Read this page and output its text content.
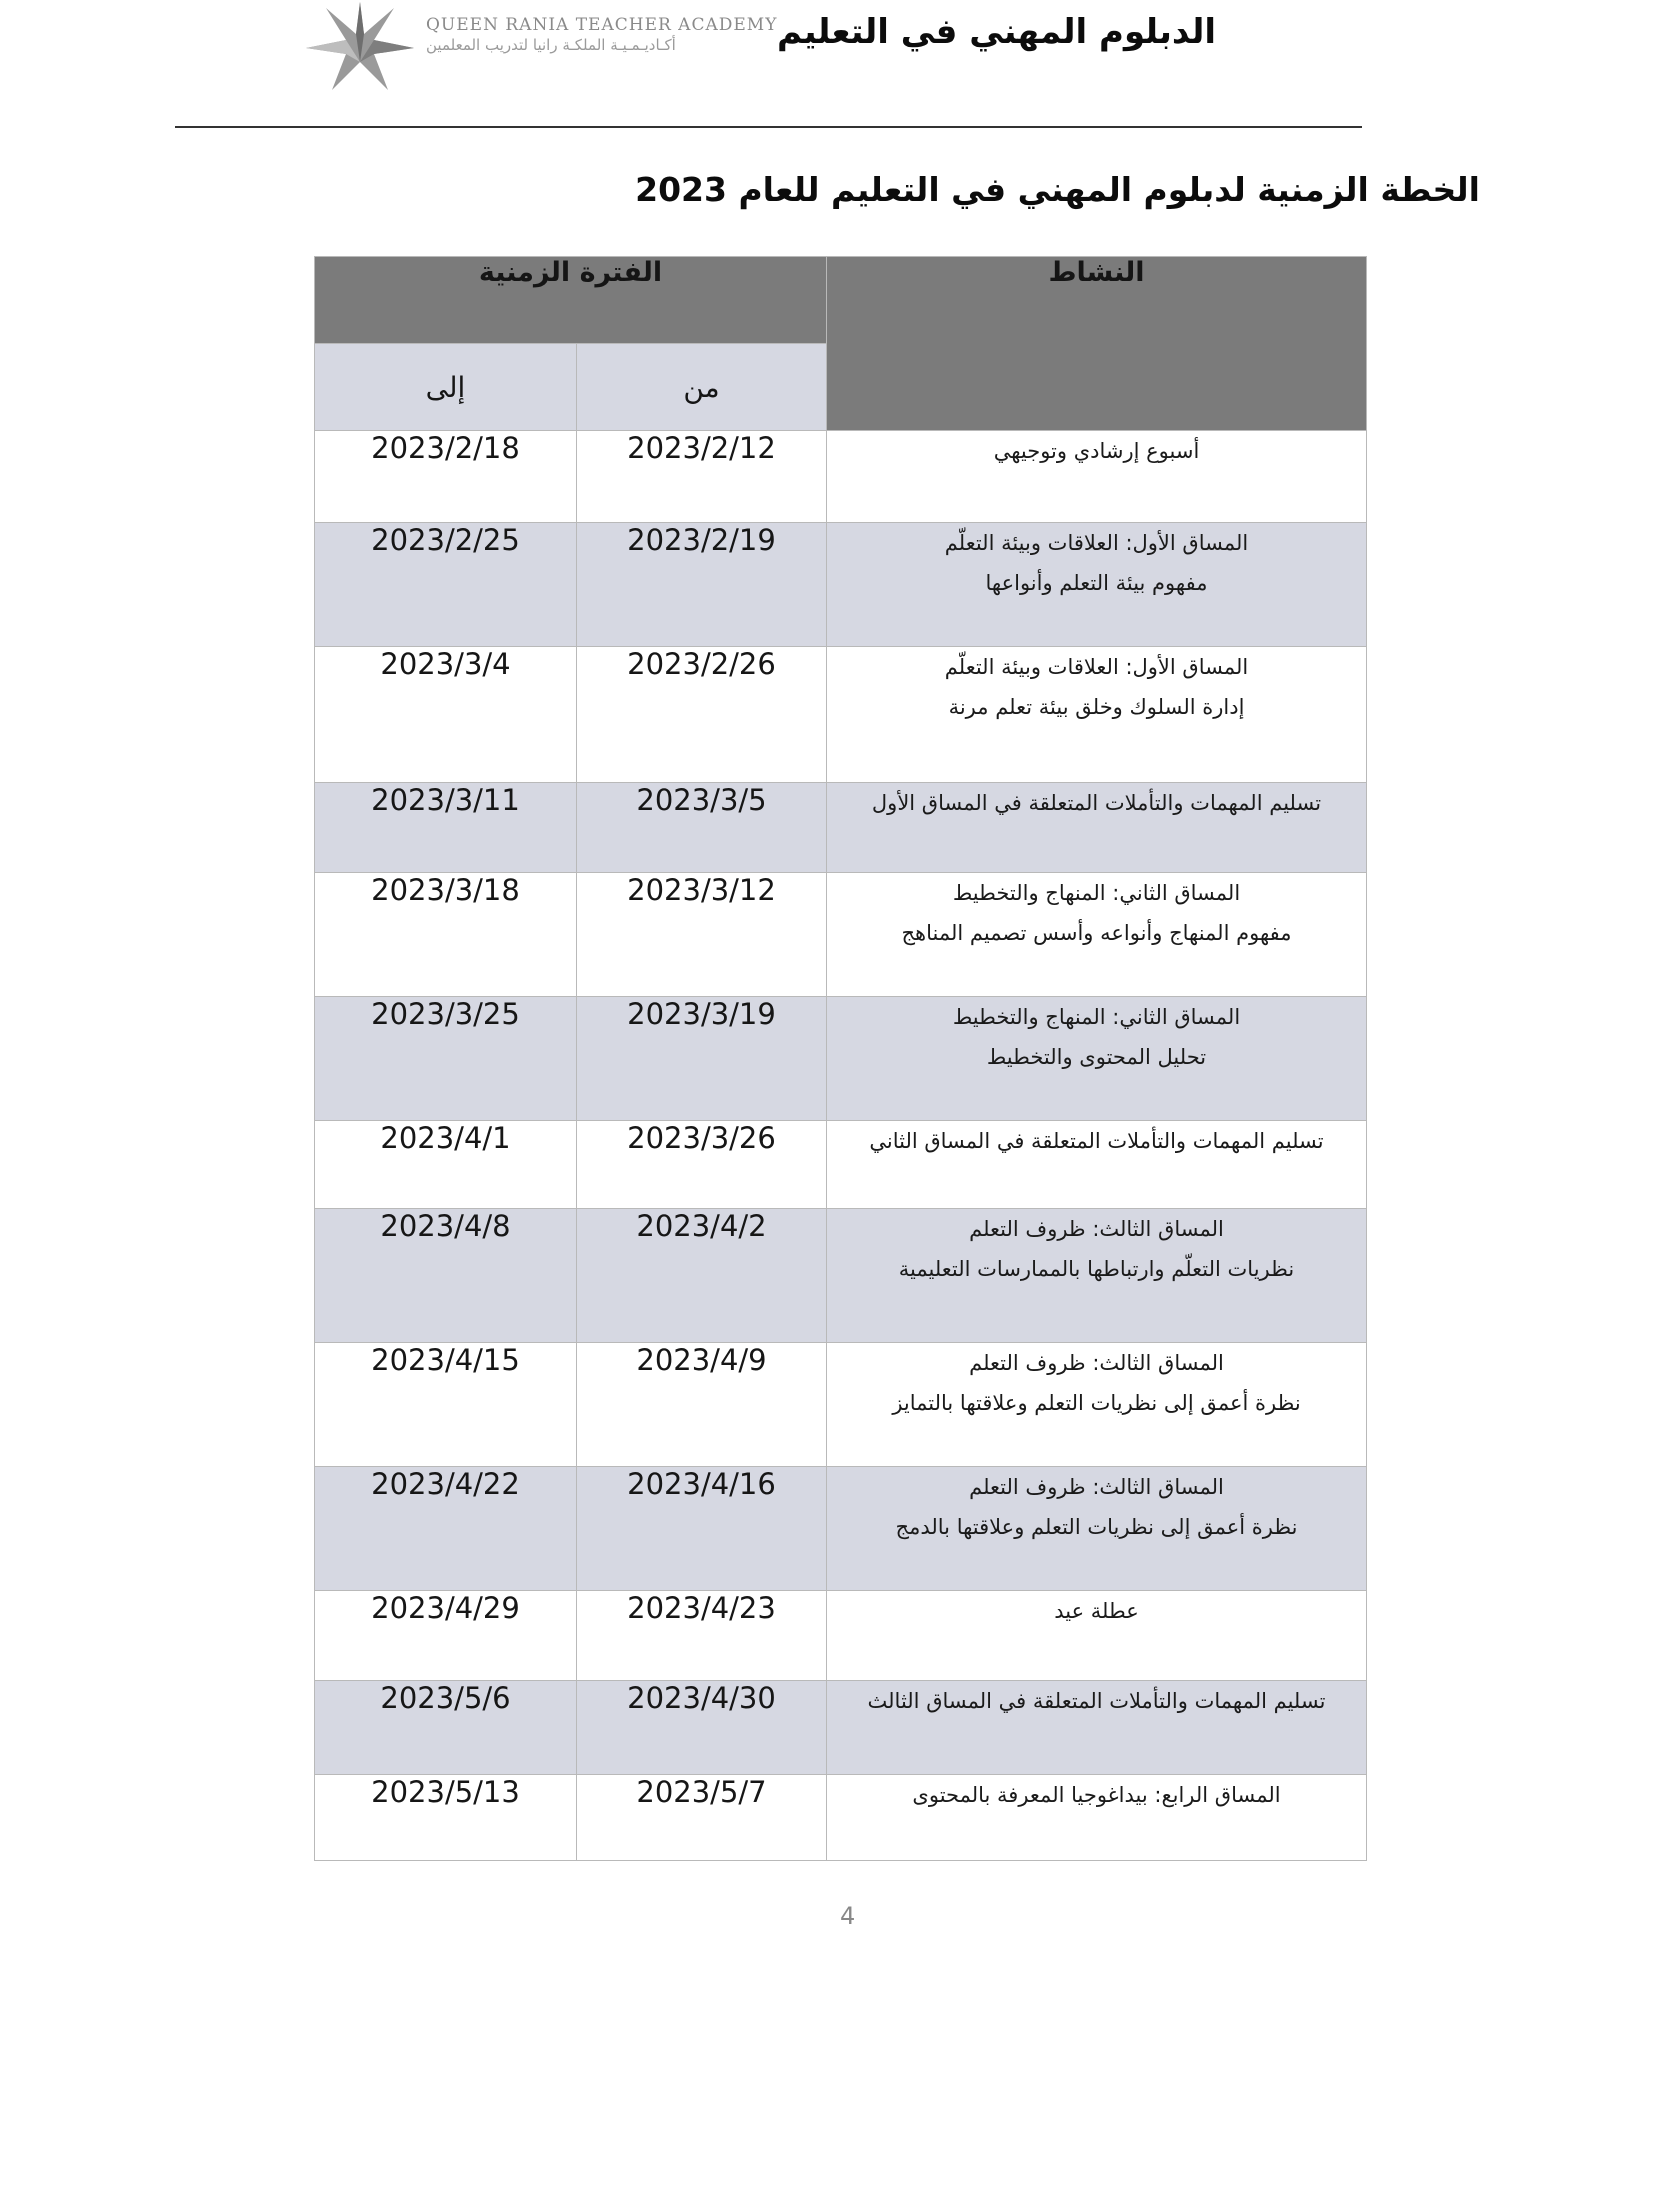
QUEEN RANIA TEACHER ACADEMY
أكـاديـمـيـة الملكـة رانيا لتدريب المعلمين	الدبلوم المهني في التعليم
الخطة الزمنية لدبلوم المهني في التعليم للعام 2023
النشاط	الفترة الزمنية	
	من	إلى

أسبوع إرشادي وتوجيهي	2023/2/12	2023/2/18

المساق الأول: العلاقات وبيئة التعلّم
مفهوم بيئة التعلم وأنواعها	2023/2/19	2023/2/25

المساق الأول: العلاقات وبيئة التعلّم
إدارة السلوك وخلق بيئة تعلم مرنة	2023/2/26	2023/3/4

تسليم المهمات والتأملات المتعلقة في المساق الأول	2023/3/5	2023/3/11

المساق الثاني: المنهاج والتخطيط
مفهوم المنهاج وأنواعه وأسس تصميم المناهج	2023/3/12	2023/3/18

المساق الثاني: المنهاج والتخطيط
تحليل المحتوى والتخطيط	2023/3/19	2023/3/25

تسليم المهمات والتأملات المتعلقة في المساق الثاني	2023/3/26	2023/4/1

المساق الثالث: ظروف التعلم
نظريات التعلّم وارتباطها بالممارسات التعليمية	2023/4/2	2023/4/8

المساق الثالث: ظروف التعلم
نظرة أعمق إلى نظريات التعلم وعلاقتها بالتمايز	2023/4/9	2023/4/15

المساق الثالث: ظروف التعلم
نظرة أعمق إلى نظريات التعلم وعلاقتها بالدمج	2023/4/16	2023/4/22

عطلة عيد	2023/4/23	2023/4/29

تسليم المهمات والتأملات المتعلقة في المساق الثالث	2023/4/30	2023/5/6

المساق الرابع: بيداغوجيا المعرفة بالمحتوى	2023/5/7	2023/5/13
4
